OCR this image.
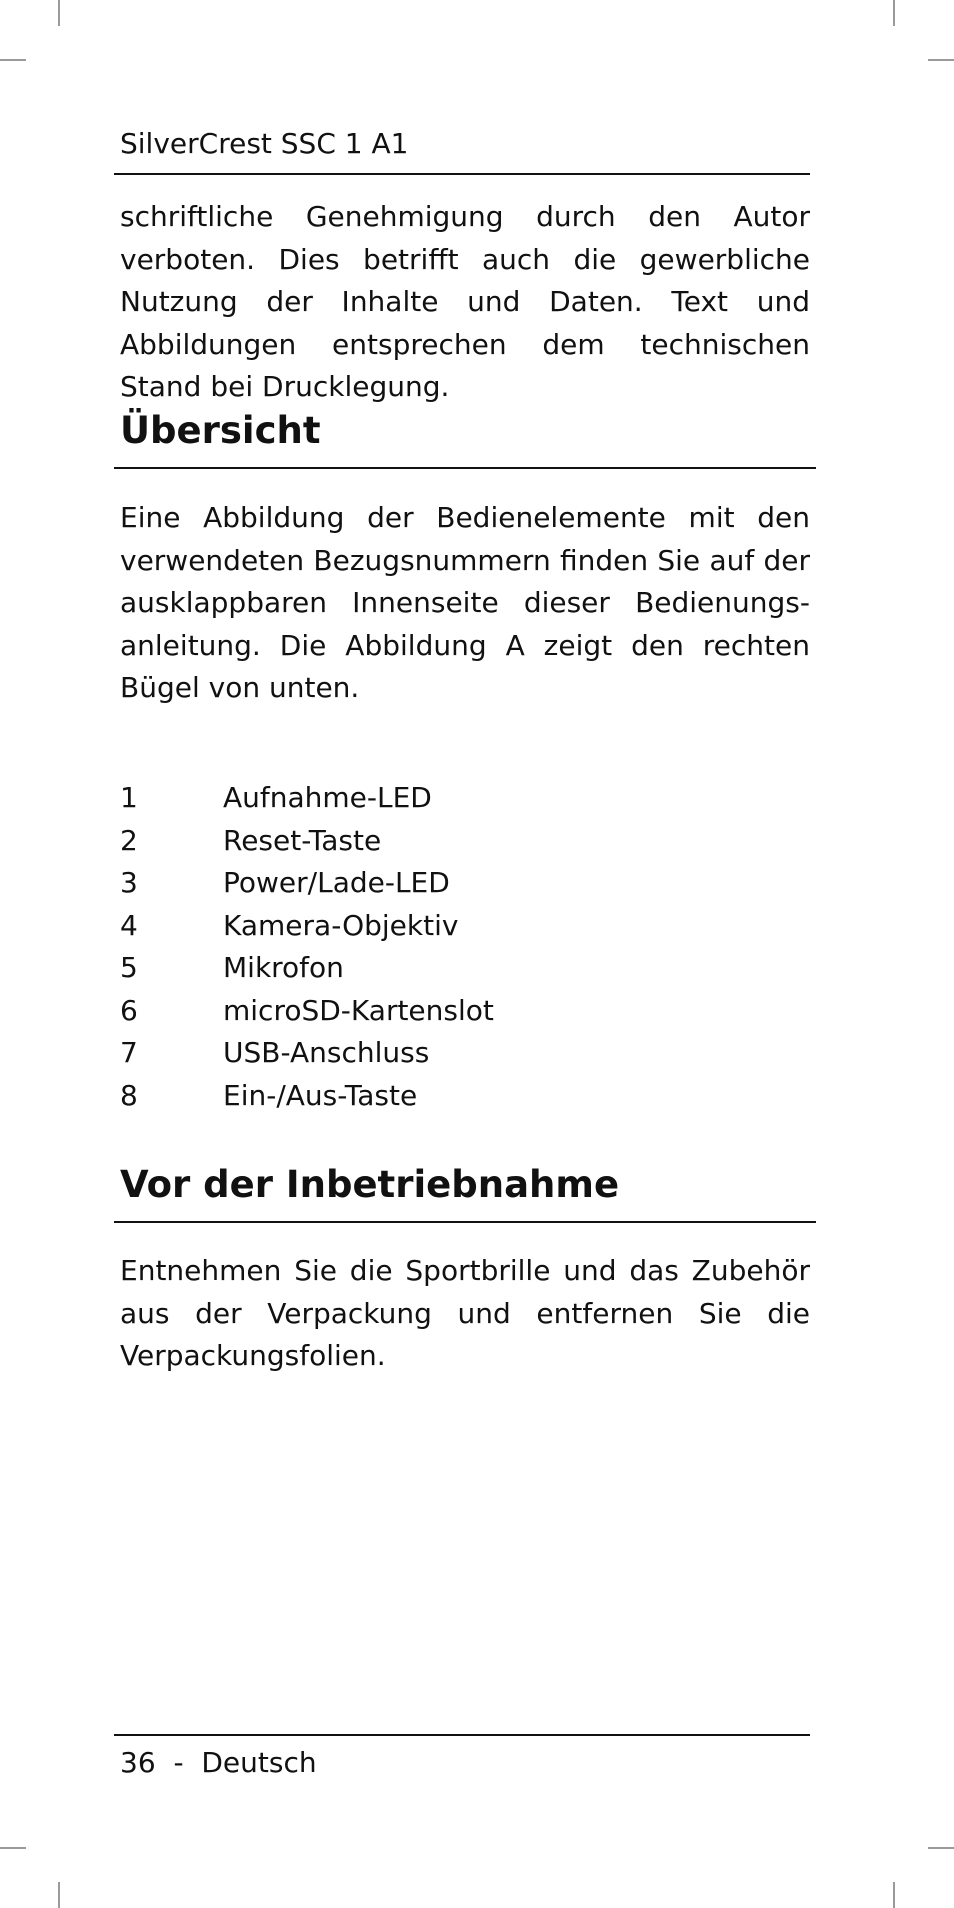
SilverCrest SSC 1 A1

schriftliche Genehmigung durch den Autor verboten. Dies betrifft auch die gewerbliche Nutzung der Inhalte und Daten. Text und Abbildungen entsprechen dem technischen Stand bei Drucklegung.

Übersicht

Eine Abbildung der Bedienelemente mit den verwendeten Bezugsnummern finden Sie auf der ausklappbaren Innenseite dieser Bedienungsanleitung. Die Abbildung A zeigt den rechten Bügel von unten.

1	Aufnahme-LED
2	Reset-Taste
3	Power/Lade-LED
4	Kamera-Objektiv
5	Mikrofon
6	microSD-Kartenslot
7	USB-Anschluss
8	Ein-/Aus-Taste
Vor der Inbetriebnahme

Entnehmen Sie die Sportbrille und das Zubehör aus der Verpackung und entfernen Sie die Verpackungsfolien.

36 - Deutsch
